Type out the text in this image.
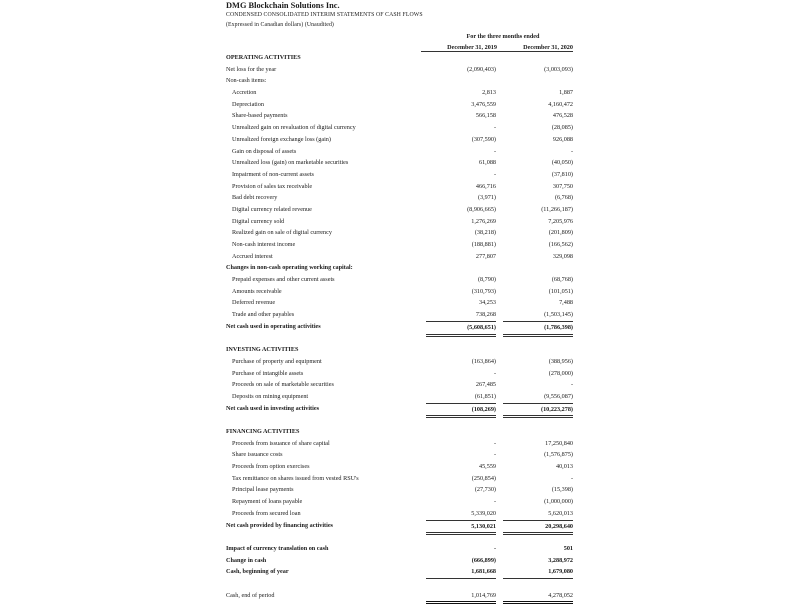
DMG Blockchain Solutions Inc.
CONDENSED CONSOLIDATED INTERIM STATEMENTS OF CASH FLOWS
(Expressed in Canadian dollars) (Unaudited)
For the three months ended
December 31, 2019	December 31, 2020
OPERATING ACTIVITIES
Net loss for the year	(2,090,403)	(3,003,093)
Non-cash items:
Accretion	2,813	1,887
Depreciation	3,476,559	4,160,472
Share-based payments	566,158	476,528
Unrealized gain on revaluation of digital currency	-	(28,085)
Unrealized foreign exchange loss (gain)	(307,590)	926,088
Gain on disposal of assets	-	-
Unrealized loss (gain) on marketable securities	61,088	(40,050)
Impairment of non-current assets	-	(37,810)
Provision of sales tax receivable	466,716	307,750
Bad debt recovery	(3,971)	(6,768)
Digital currency related revenue	(8,906,665)	(11,266,187)
Digital currency sold	1,276,269	7,205,976
Realized gain on sale of digital currency	(38,218)	(201,809)
Non-cash interest income	(188,881)	(166,562)
Accrued interest	277,807	329,098
Changes in non-cash operating working capital:
Prepaid expenses and other current assets	(8,790)	(68,768)
Amounts receivable	(310,793)	(101,051)
Deferred revenue	34,253	7,488
Trade and other payables	738,268	(1,503,145)
Net cash used in operating activities	(5,608,651)	(1,786,398)
INVESTING ACTIVITIES
Purchase of property and equipment	(163,864)	(388,956)
Purchase of intangible assets	-	(278,000)
Proceeds on sale of marketable securities	267,485	-
Deposits on mining equipment	(61,851)	(9,556,087)
Net cash used in investing activities	(108,269)	(10,223,278)
FINANCING ACTIVITIES
Proceeds from issuance of share capital	-	17,250,840
Share issuance costs	-	(1,576,875)
Proceeds from option exercises	45,559	40,013
Tax remittance on shares issued from vested RSU's	(250,854)	-
Principal lease payments	(27,730)	(15,398)
Repayment of loans payable	-	(1,000,000)
Proceeds from secured loan	5,339,020	5,620,013
Net cash provided by financing activities	5,130,021	20,298,640
Impact of currency translation on cash	-	501
Change in cash	(666,899)	3,288,972
Cash, beginning of year	1,681,668	1,679,080
Cash, end of period	1,014,769	4,278,052
